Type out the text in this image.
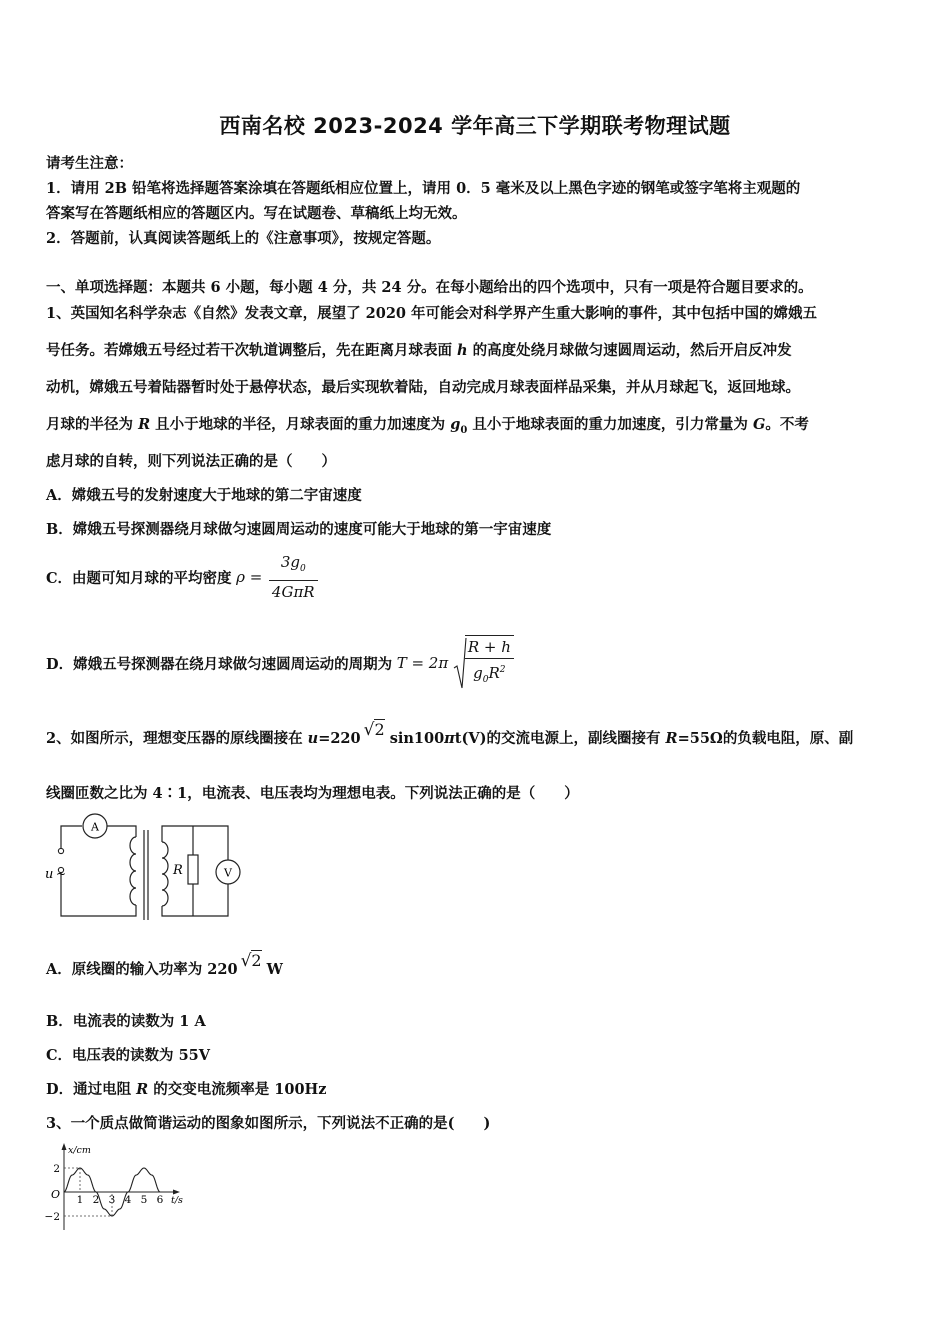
西南名校 2023-2024 学年高三下学期联考物理试题
请考生注意：
1．请用 2B 铅笔将选择题答案涂填在答题纸相应位置上，请用 0．5 毫米及以上黑色字迹的钢笔或签字笔将主观题的
答案写在答题纸相应的答题区内。写在试题卷、草稿纸上均无效。
2．答题前，认真阅读答题纸上的《注意事项》，按规定答题。
一、单项选择题：本题共 6 小题，每小题 4 分，共 24 分。在每小题给出的四个选项中，只有一项是符合题目要求的。
1、英国知名科学杂志《自然》发表文章，展望了 2020 年可能会对科学界产生重大影响的事件，其中包括中国的嫦娥五
号任务。若嫦娥五号经过若干次轨道调整后，先在距离月球表面 h 的高度处绕月球做匀速圆周运动，然后开启反冲发
动机，嫦娥五号着陆器暂时处于悬停状态，最后实现软着陆，自动完成月球表面样品采集，并从月球起飞，返回地球。
月球的半径为 R 且小于地球的半径，月球表面的重力加速度为 $g_0$ 且小于地球表面的重力加速度，引力常量为 G。不考
虑月球的自转，则下列说法正确的是（　　）
A．嫦娥五号的发射速度大于地球的第二宇宙速度
B．嫦娥五号探测器绕月球做匀速圆周运动的速度可能大于地球的第一宇宙速度
C．由题可知月球的平均密度 $\rho = \frac{3g_0}{\text{4GπR}}$
D．嫦娥五号探测器在绕月球做匀速圆周运动的周期为 $T = 2\pi \frac{R + h}{g_0R^2}$
2、如图所示，理想变压器的原线圈接在 u=220 √2 sin100πt(V)的交流电源上，副线圈接有 R=55Ω的负载电阻，原、副
线圈匝数之比为 4∶1，电流表、电压表均为理想电表。下列说法正确的是（　　）
A
u ~	R	V
A．原线圈的输入功率为 220 √2 W
B．电流表的读数为 1 A
C．电压表的读数为 55V
D．通过电阻 R 的交变电流频率是 100Hz
3、一个质点做简谐运动的图象如图所示，下列说法不正确的是(　　)
x/cm
t/s
O 1 2 3 4 5 6
2
−2
